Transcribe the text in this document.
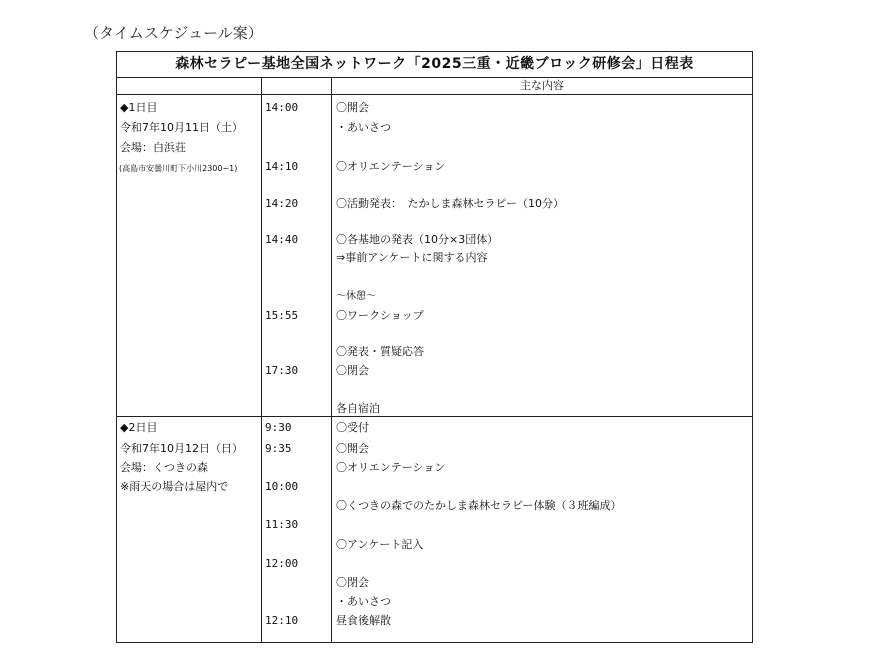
（タイムスケジュール案）
森林セラピー基地全国ネットワーク「2025三重・近畿ブロック研修会」日程表
主な内容
◆1日目
令和7年10月11日（土）
会場：白浜荘
(高島市安曇川町下小川2300−1)
14:00
14:10
14:20
14:40
15:55
17:30
〇開会
・あいさつ
〇オリエンテーション
〇活動発表：　たかしま森林セラピー（10分）
〇各基地の発表（10分×3団体）
⇒事前アンケートに関する内容
～休憩～
〇ワークショップ
〇発表・質疑応答
〇閉会
各自宿泊
◆2日目
令和7年10月12日（日）
会場：くつきの森
※雨天の場合は屋内で
9:30
9:35
10:00
11:30
12:00
12:10
〇受付
〇開会
〇オリエンテーション
〇くつきの森でのたかしま森林セラピー体験（３班編成）
〇アンケート記入
〇閉会
・あいさつ
昼食後解散
